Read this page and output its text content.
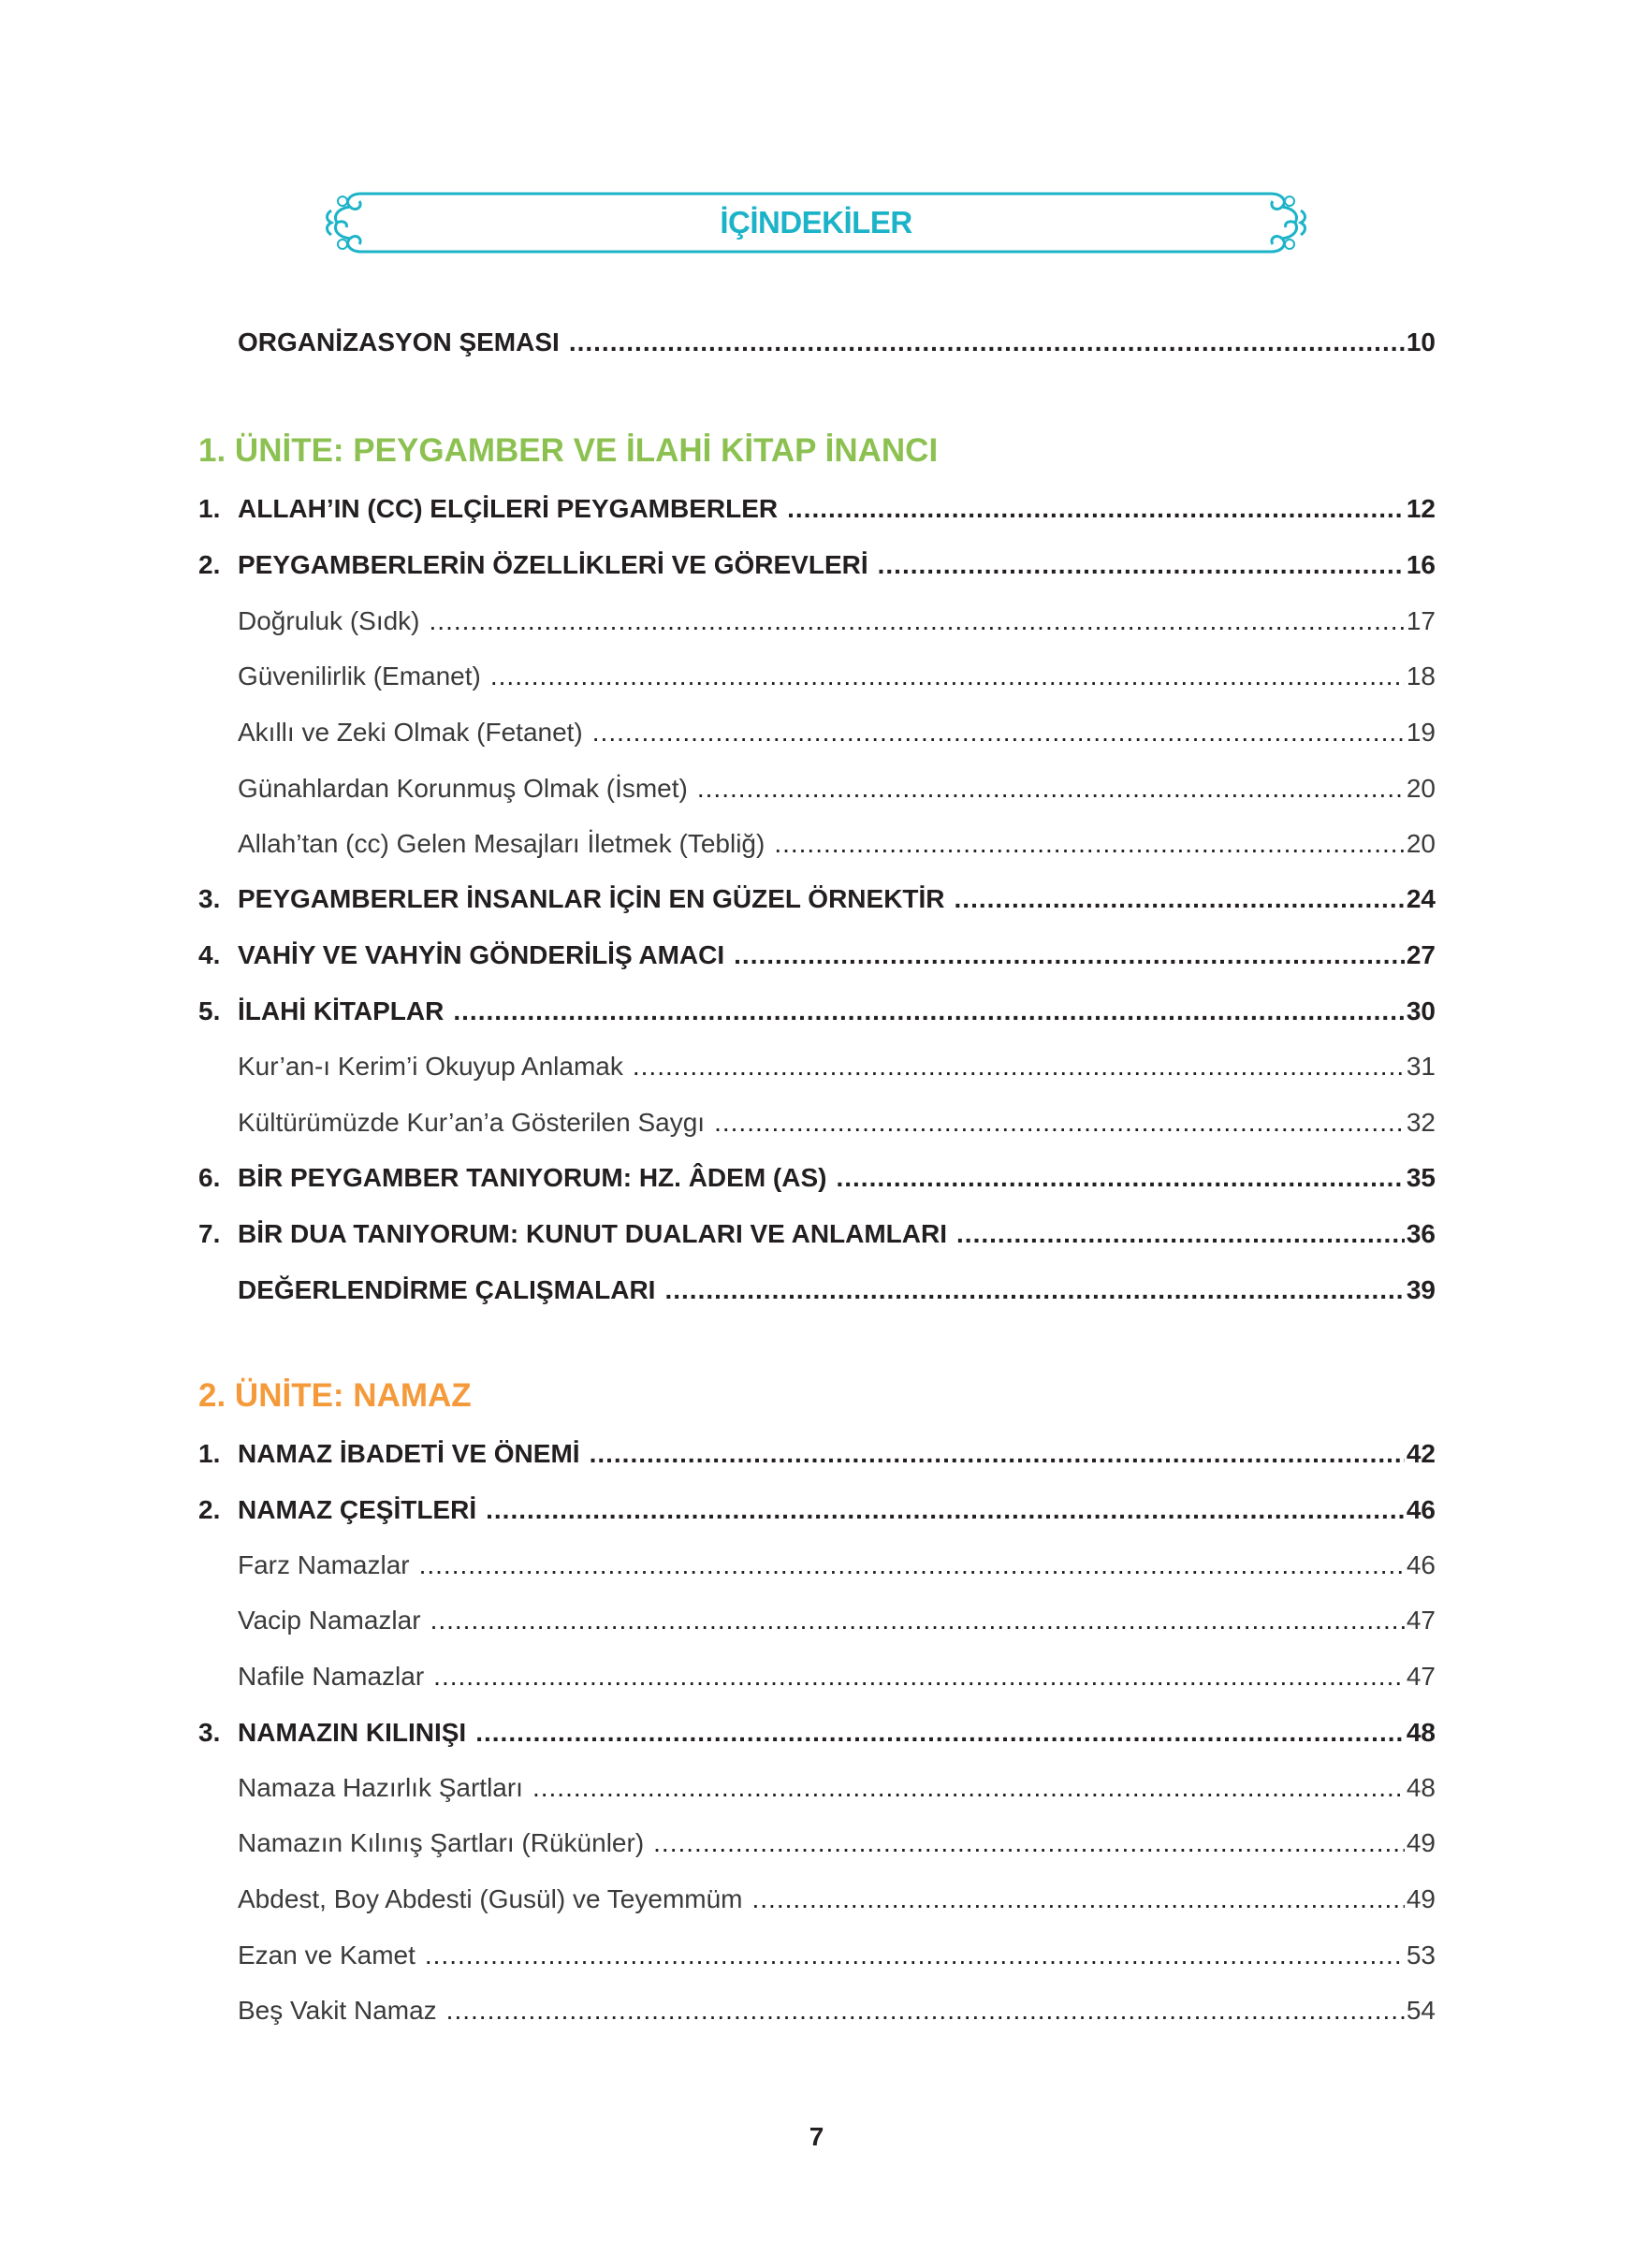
İÇİNDEKİLER
ORGANİZASYON ŞEMASI .....	10
1. ÜNİTE: PEYGAMBER VE İLAHİ KİTAP İNANCI
1. ALLAH’IN (CC) ELÇİLERİ PEYGAMBERLER .....	12
2. PEYGAMBERLERİN ÖZELLİKLERİ VE GÖREVLERİ .....	16
Doğruluk (Sıdk) .....	17
Güvenilirlik (Emanet) .....	18
Akıllı ve Zeki Olmak (Fetanet) .....	19
Günahlardan Korunmuş Olmak (İsmet) .....	20
Allah’tan (cc) Gelen Mesajları İletmek (Tebliğ) .....	20
3. PEYGAMBERLER İNSANLAR İÇİN EN GÜZEL ÖRNEKTİR .....	24
4. VAHİY VE VAHYİN GÖNDERİLİŞ AMACI .....	27
5. İLAHİ KİTAPLAR .....	30
Kur’an-ı Kerim’i Okuyup Anlamak .....	31
Kültürümüzde Kur’an’a Gösterilen Saygı .....	32
6. BİR PEYGAMBER TANIYORUM: HZ. ÂDEM (AS) .....	35
7. BİR DUA TANIYORUM: KUNUT DUALARI VE ANLAMLARI .....	36
DEĞERLENDİRME ÇALIŞMALARI .....	39
2. ÜNİTE: NAMAZ
1. NAMAZ İBADETİ VE ÖNEMİ .....	42
2. NAMAZ ÇEŞİTLERİ .....	46
Farz Namazlar .....	46
Vacip Namazlar .....	47
Nafile Namazlar .....	47
3. NAMAZIN KILINIŞI .....	48
Namaza Hazırlık Şartları .....	48
Namazın Kılınış Şartları (Rükünler) .....	49
Abdest, Boy Abdesti (Gusül) ve Teyemmüm .....	49
Ezan ve Kamet .....	53
Beş Vakit Namaz .....	54
7
